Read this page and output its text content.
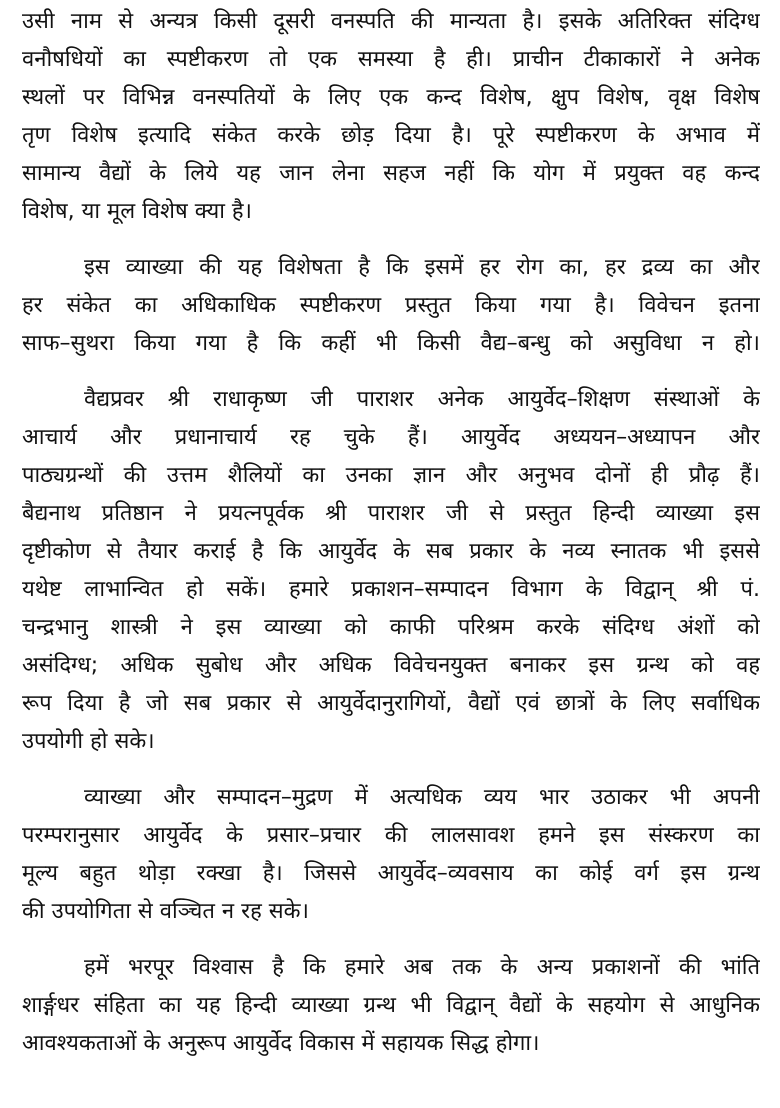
उसी नाम से अन्यत्र किसी दूसरी वनस्पति की मान्यता है। इसके अतिरिक्त संदिग्ध
वनौषधियों का स्पष्टीकरण तो एक समस्या है ही। प्राचीन टीकाकारों ने अनेक
स्थलों पर विभिन्न वनस्पतियों के लिए एक कन्द विशेष, क्षुप विशेष, वृक्ष विशेष
तृण विशेष इत्यादि संकेत करके छोड़ दिया है। पूरे स्पष्टीकरण के अभाव में
सामान्य वैद्यों के लिये यह जान लेना सहज नहीं कि योग में प्रयुक्त वह कन्द
विशेष, या मूल विशेष क्या है।
इस व्याख्या की यह विशेषता है कि इसमें हर रोग का, हर द्रव्य का और
हर संकेत का अधिकाधिक स्पष्टीकरण प्रस्तुत किया गया है। विवेचन इतना
साफ–सुथरा किया गया है कि कहीं भी किसी वैद्य–बन्धु को असुविधा न हो।
वैद्यप्रवर श्री राधाकृष्ण जी पाराशर अनेक आयुर्वेद–शिक्षण संस्थाओं के
आचार्य और प्रधानाचार्य रह चुके हैं। आयुर्वेद अध्ययन–अध्यापन और
पाठ्यग्रन्थों की उत्तम शैलियों का उनका ज्ञान और अनुभव दोनों ही प्रौढ़ हैं।
बैद्यनाथ प्रतिष्ठान ने प्रयत्नपूर्वक श्री पाराशर जी से प्रस्तुत हिन्दी व्याख्या इस
दृष्टीकोण से तैयार कराई है कि आयुर्वेद के सब प्रकार के नव्य स्नातक भी इससे
यथेष्ट लाभान्वित हो सकें। हमारे प्रकाशन–सम्पादन विभाग के विद्वान् श्री पं.
चन्द्रभानु शास्त्री ने इस व्याख्या को काफी परिश्रम करके संदिग्ध अंशों को
असंदिग्ध; अधिक सुबोध और अधिक विवेचनयुक्त बनाकर इस ग्रन्थ को वह
रूप दिया है जो सब प्रकार से आयुर्वेदानुरागियों, वैद्यों एवं छात्रों के लिए सर्वाधिक
उपयोगी हो सके।
व्याख्या और सम्पादन–मुद्रण में अत्यधिक व्यय भार उठाकर भी अपनी
परम्परानुसार आयुर्वेद के प्रसार–प्रचार की लालसावश हमने इस संस्करण का
मूल्य बहुत थोड़ा रक्खा है। जिससे आयुर्वेद–व्यवसाय का कोई वर्ग इस ग्रन्थ
की उपयोगिता से वञ्चित न रह सके।
हमें भरपूर विश्वास है कि हमारे अब तक के अन्य प्रकाशनों की भांति
शार्ङ्गधर संहिता का यह हिन्दी व्याख्या ग्रन्थ भी विद्वान् वैद्यों के सहयोग से आधुनिक
आवश्यकताओं के अनुरूप आयुर्वेद विकास में सहायक सिद्ध होगा।
